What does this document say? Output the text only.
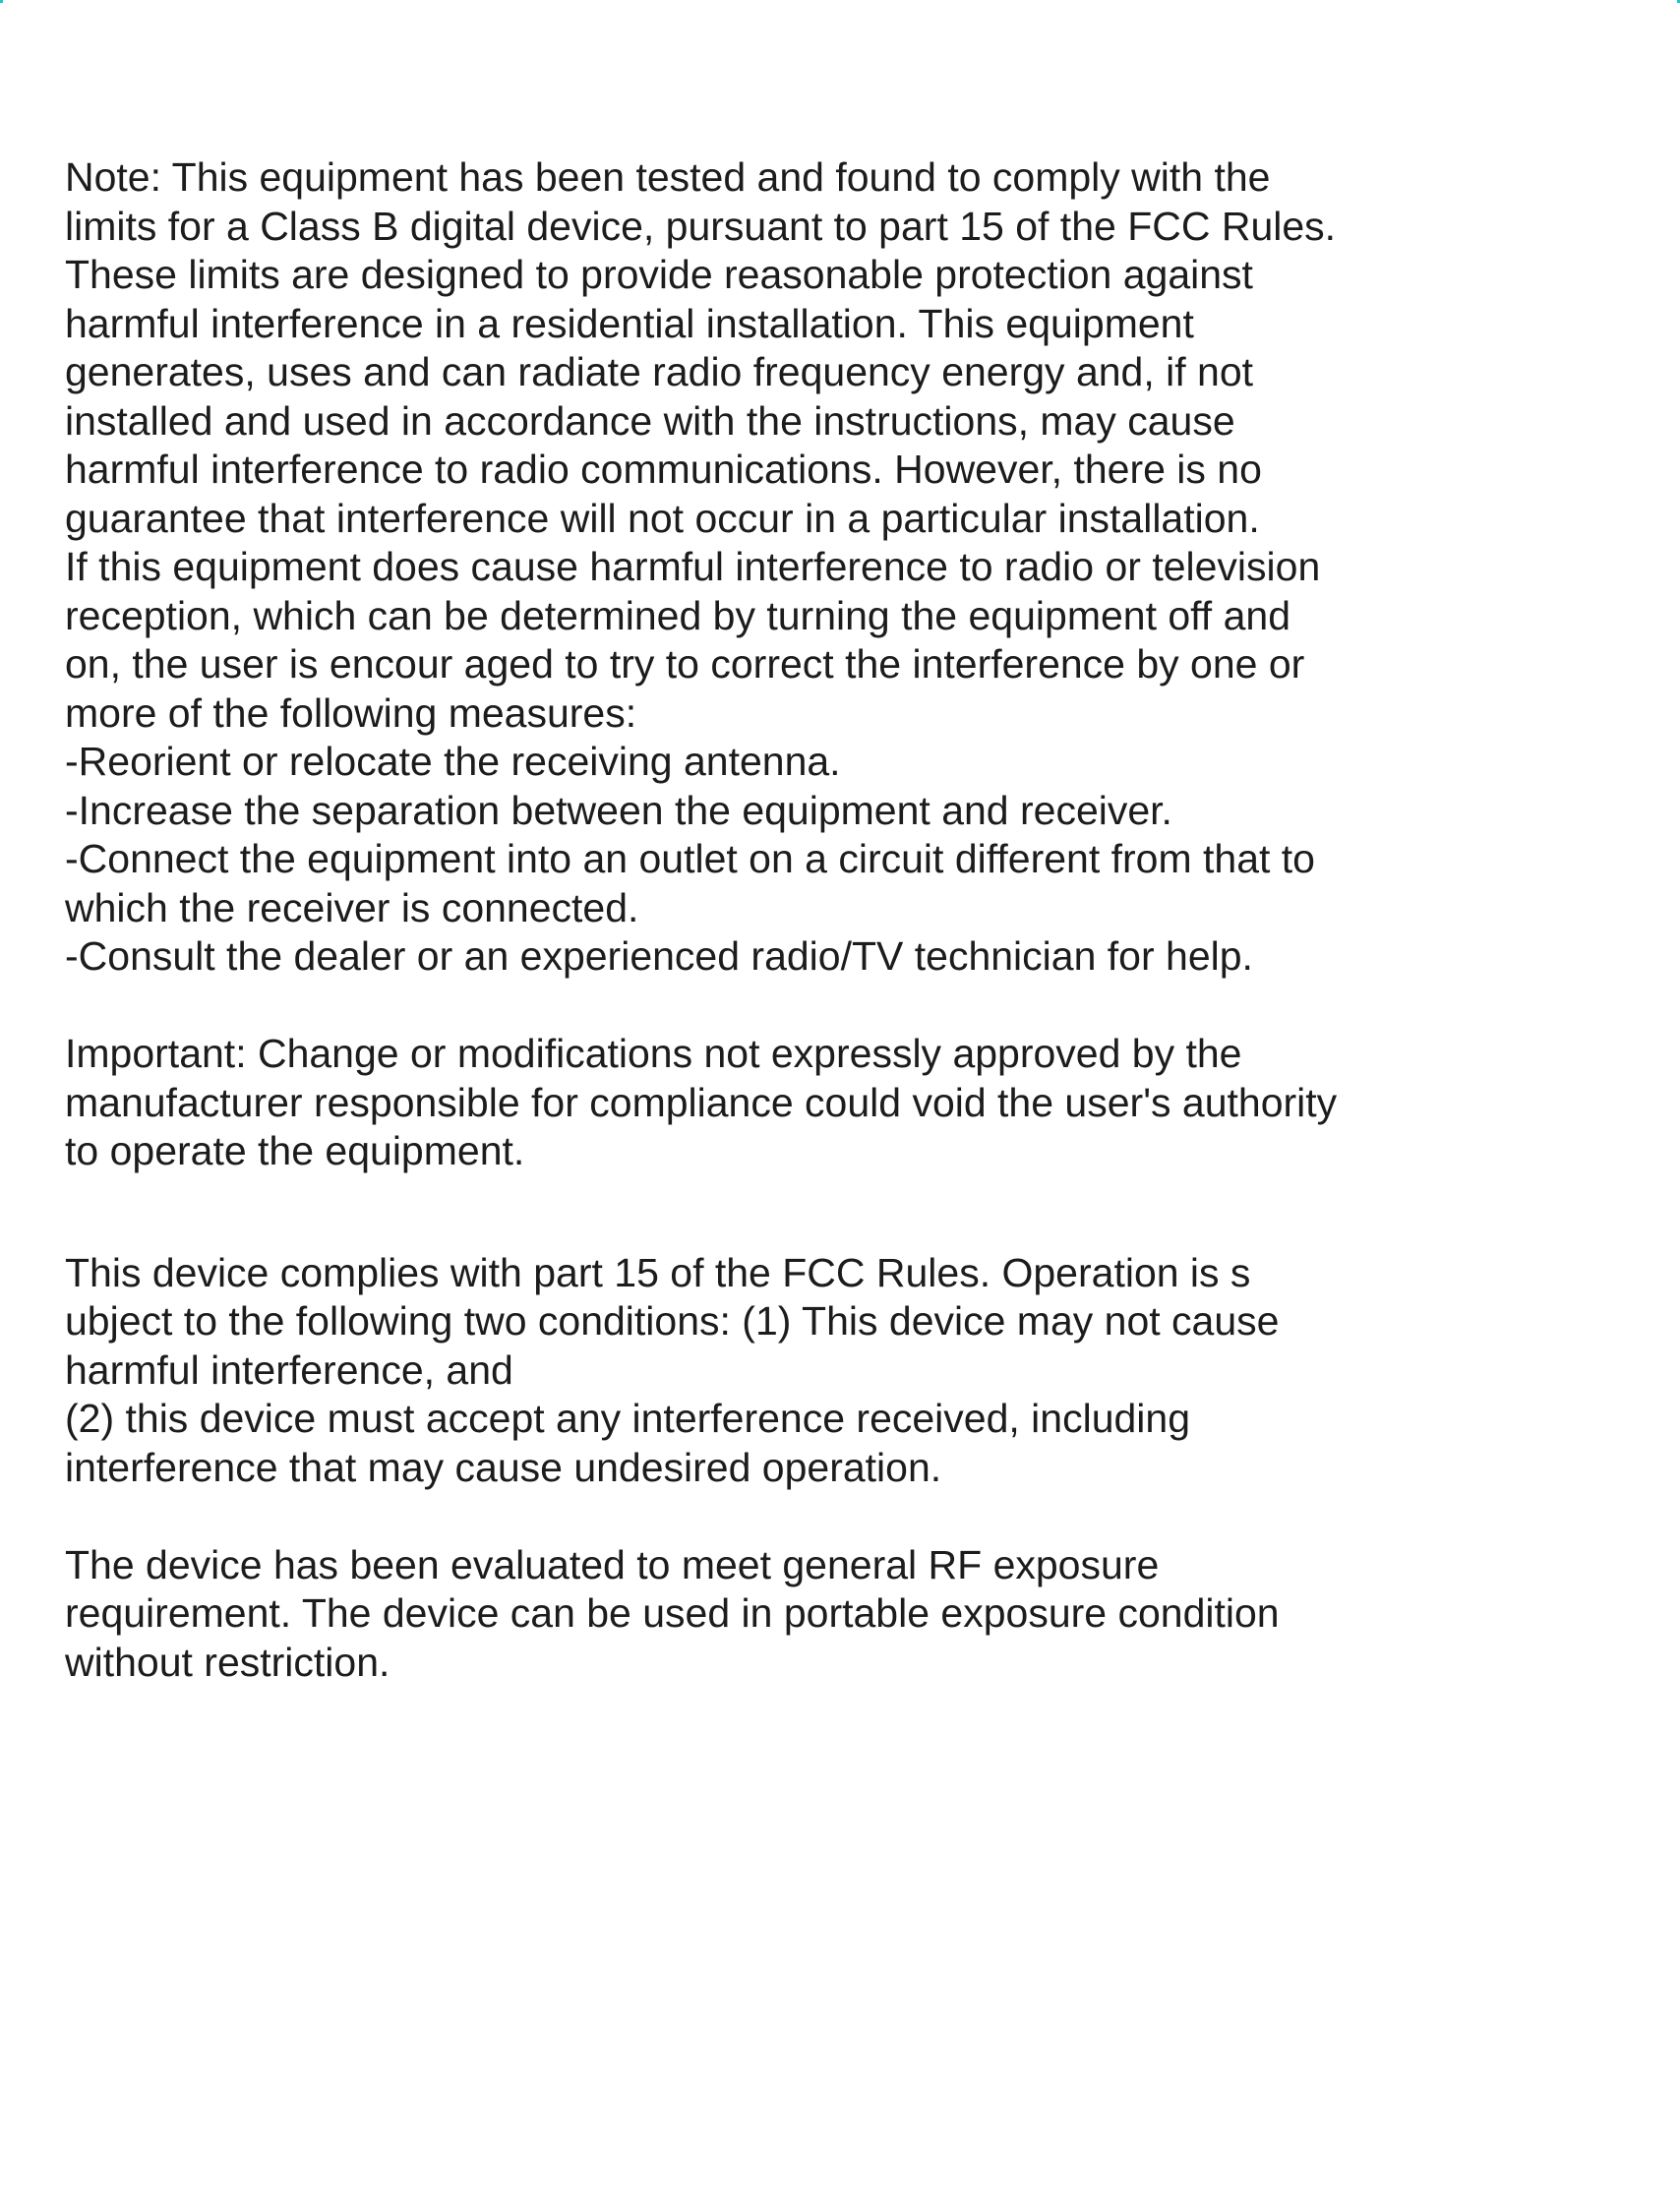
Note: This equipment has been tested and found to comply with the
limits for a Class B digital device, pursuant to part 15 of the FCC Rules.
These limits are designed to provide reasonable protection against
harmful interference in a residential installation. This equipment
generates, uses and can radiate radio frequency energy and, if not
installed and used in accordance with the instructions, may cause
harmful interference to radio communications. However, there is no
guarantee that interference will not occur in a particular installation.
If this equipment does cause harmful interference to radio or television
reception, which can be determined by turning the equipment off and
on, the user is encour aged to try to correct the interference by one or
more of the following measures:
-Reorient or relocate the receiving antenna.
-Increase the separation between the equipment and receiver.
-Connect the equipment into an outlet on a circuit different from that to
which the receiver is connected.
-Consult the dealer or an experienced radio/TV technician for help.
Important: Change or modifications not expressly approved by the
manufacturer responsible for compliance could void the user's authority
to operate the equipment.
This device complies with part 15 of the FCC Rules. Operation is s
ubject to the following two conditions: (1) This device may not cause
harmful interference, and
(2) this device must accept any interference received, including
interference that may cause undesired operation.
The device has been evaluated to meet general RF exposure
requirement. The device can be used in portable exposure condition
without restriction.
